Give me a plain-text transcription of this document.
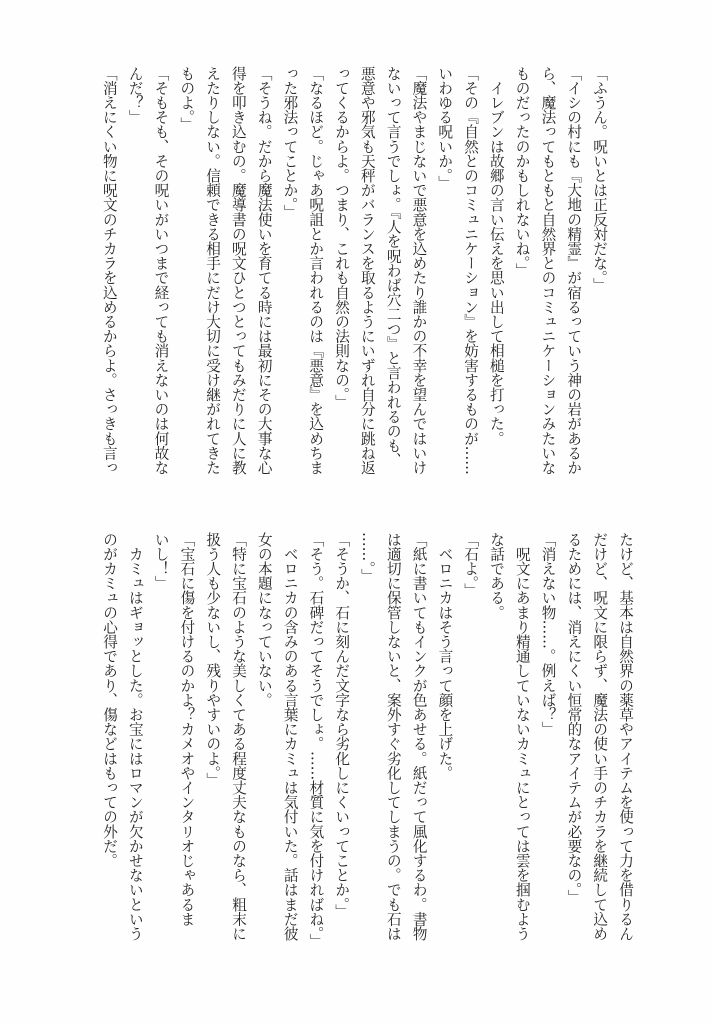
「ふうん。呪いとは正反対だな。」

「イシの村にも『大地の精霊』が宿るっていう神の岩があるか

ら、魔法ってもともと自然界とのコミュニケーションみたいな

ものだったのかもしれないね。」

　イレブンは故郷の言い伝えを思い出して相槌を打った。

「その『自然とのコミュニケーション』を妨害するものが……

いわゆる呪いか。」

「魔法やまじないで悪意を込めたり誰かの不幸を望んではいけ

ないって言うでしょ。『人を呪わば穴二つ』と言われるのも、

悪意や邪気も天秤がバランスを取るようにいずれ自分に跳ね返

ってくるからよ。つまり、これも自然の法則なの。」

「なるほど。じゃあ呪詛とか言われるのは『悪意』を込めちま

った邪法ってことか。」

「そうね。だから魔法使いを育てる時には最初にその大事な心

得を叩き込むの。魔導書の呪文ひとつとってもみだりに人に教

えたりしない。信頼できる相手にだけ大切に受け継がれてきた

ものよ。」

「そもそも、その呪いがいつまで経っても消えないのは何故な

んだ？」

「消えにくい物に呪文のチカラを込めるからよ。さっきも言っ

たけど、基本は自然界の薬草やアイテムを使って力を借りるん

だけど、呪文に限らず、魔法の使い手のチカラを継続して込め

るためには、消えにくい恒常的なアイテムが必要なの。」

「消えない物……。例えば？」

　呪文にあまり精通していないカミュにとっては雲を掴むよう

な話である。

「石よ。」

　ベロニカはそう言って顔を上げた。

「紙に書いてもインクが色あせる。紙だって風化するわ。書物

は適切に保管しないと、案外すぐ劣化してしまうの。でも石は

……。」

「そうか、石に刻んだ文字なら劣化しにくいってことか。」

「そう。石碑だってそうでしょ。……材質に気を付ければね。」

　ベロニカの含みのある言葉にカミュは気付いた。話はまだ彼

女の本題になっていない。

「特に宝石のような美しくてある程度丈夫なものなら、粗末に

扱う人も少ないし、残りやすいのよ。」

「宝石に傷を付けるのかよ？カメオやインタリオじゃあるま

いし！」

　カミュはギョッとした。お宝にはロマンが欠かせないという

のがカミュの心得であり、傷などはもっての外だ。
